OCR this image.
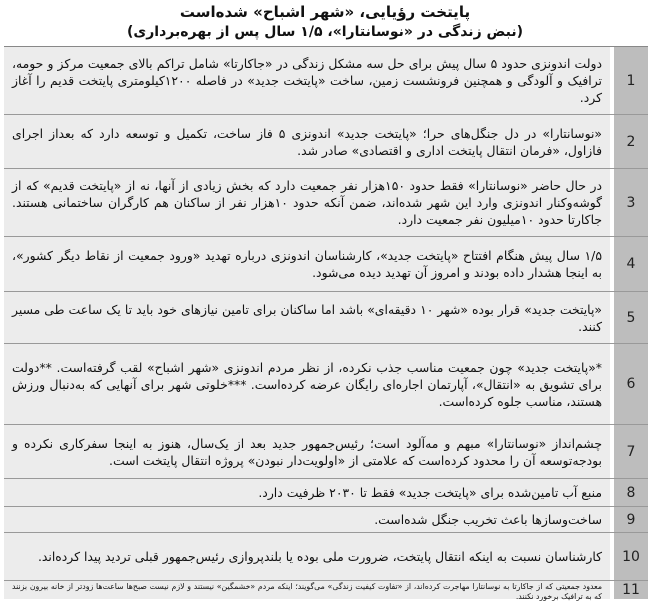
پایتخت رؤیایی، «شهر اشباح» شده‌است
(نبض زندگی در «نوسانتارا»، ۱/۵ سال پس از بهره‌برداری)
1
دولت اندونزی حدود ۵ سال پیش برای حل سه مشکل زندگی در «جاکارتا» شامل تراکم بالای جمعیت مرکز و حومه، ترافیک و آلودگی و همچنین فرونشست زمین، ساخت «پایتخت جدید» در فاصله ۱۲۰۰کیلومتری پایتخت قدیم را آغاز کرد.
2
«نوسانتارا» در دل جنگل‌های حرا؛ «پایتخت جدید» اندونزی ۵ فاز ساخت، تکمیل و توسعه دارد که بعداز اجرای فازاول، «فرمان انتقال پایتخت اداری و اقتصادی» صادر شد.
3
در حال حاضر «نوسانتارا» فقط حدود ۱۵۰هزار نفر جمعیت دارد که بخش زیادی از آنها، نه از «پایتخت قدیم» که از گوشه‌وکنار اندونزی وارد این شهر شده‌اند، ضمن آنکه حدود ۱۰هزار نفر از ساکنان هم کارگران ساختمانی هستند. جاکارتا حدود ۱۰میلیون نفر جمعیت دارد.
4
۱/۵ سال پیش هنگام افتتاح «پایتخت جدید»، کارشناسان اندونزی درباره تهدید «ورود جمعیت از نقاط دیگر کشور»، به اینجا هشدار داده بودند و امروز آن تهدید دیده می‌شود.
5
«پایتخت جدید» قرار بوده «شهر ۱۰ دقیقه‌ای» باشد اما ساکنان برای تامین نیازهای خود باید تا یک ساعت طی مسیر کنند.
6
*«پایتخت جدید» چون جمعیت مناسب جذب نکرده، از نظر مردم اندونزی «شهر اشباح» لقب گرفته‌است. **دولت برای تشویق به «انتقال»، آپارتمان اجاره‌ای رایگان عرضه کرده‌است. ***خلوتی شهر برای آنهایی که به‌دنبال ورزش هستند، مناسب جلوه کرده‌است.
7
چشم‌انداز «نوسانتارا» مبهم و مه‌آلود است؛ رئیس‌جمهور جدید بعد از یک‌سال، هنوز به اینجا سفرکاری نکرده و بودجه‌توسعه آن را محدود کرده‌است که علامتی از «اولویت‌دار نبودن» پروژه انتقال پایتخت است.
8
منبع آب تامین‌شده برای «پایتخت جدید» فقط تا ۲۰۳۰ ظرفیت دارد.
9
ساخت‌وسازها باعث تخریب جنگل شده‌است.
10
کارشناسان نسبت به اینکه انتقال پایتخت، ضرورت ملی بوده یا بلندپروازی رئیس‌جمهور قبلی تردید پیدا کرده‌اند.
11
معدود جمعیتی که از جاکارتا به نوسانتارا مهاجرت کرده‌اند، از «تفاوت کیفیت زندگی» می‌گویند؛ اینکه مردم «خشمگین» نیستند و لازم نیست صبح‌ها ساعت‌ها زودتر از خانه بیرون بزنند که به ترافیک برخورد نکنند.
